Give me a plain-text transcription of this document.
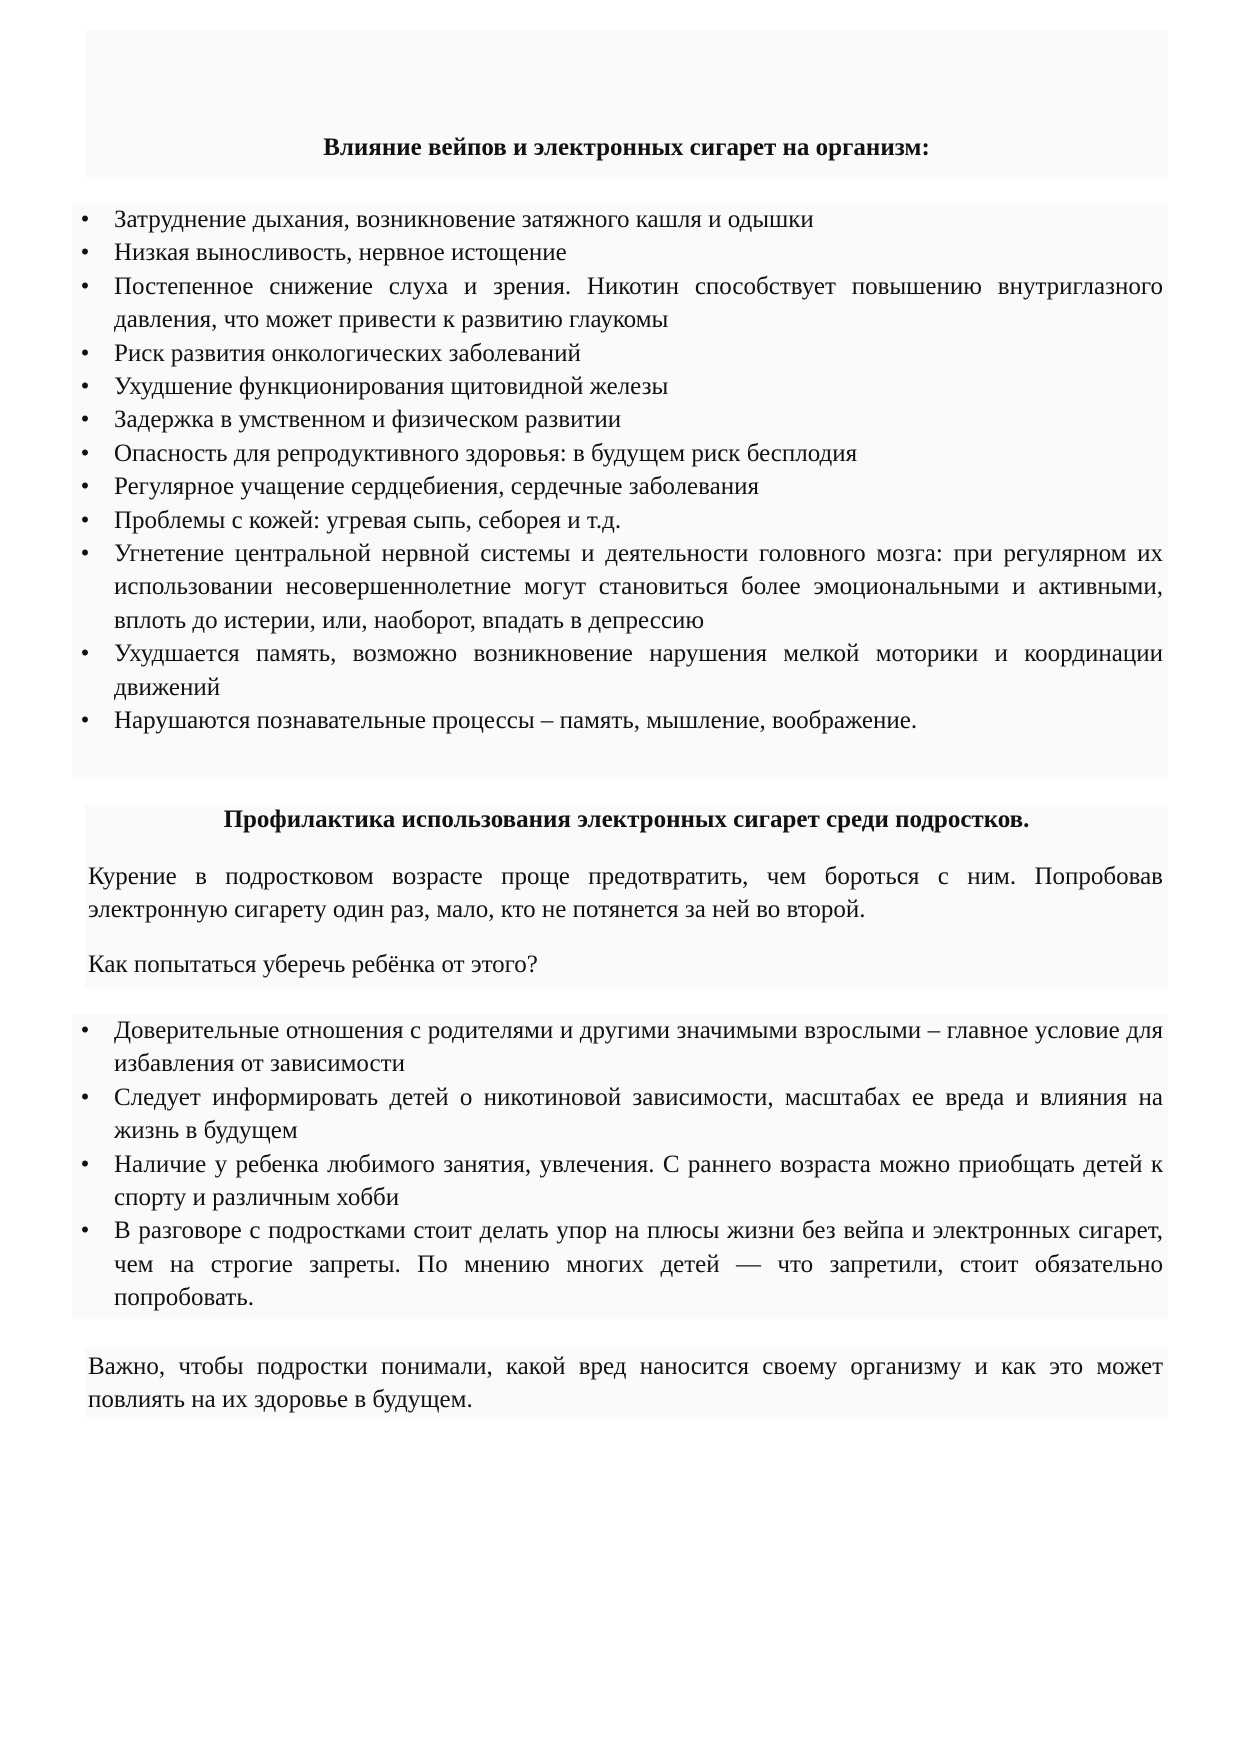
Влияние вейпов и электронных сигарет на организм:
• Затруднение дыхания, возникновение затяжного кашля и одышки
• Низкая выносливость, нервное истощение
• Постепенное снижение слуха и зрения. Никотин способствует повышению внутриглазного давления, что может привести к развитию глаукомы
• Риск развития онкологических заболеваний
• Ухудшение функционирования щитовидной железы
• Задержка в умственном и физическом развитии
• Опасность для репродуктивного здоровья: в будущем риск бесплодия
• Регулярное учащение сердцебиения, сердечные заболевания
• Проблемы с кожей: угревая сыпь, себорея и т.д.
• Угнетение центральной нервной системы и деятельности головного мозга: при регулярном их использовании несовершеннолетние могут становиться более эмоциональными и активными, вплоть до истерии, или, наоборот, впадать в депрессию
• Ухудшается память, возможно возникновение нарушения мелкой моторики и координации движений
• Нарушаются познавательные процессы – память, мышление, воображение.
Профилактика использования электронных сигарет среди подростков.

Курение в подростковом возрасте проще предотвратить, чем бороться с ним. Попробовав электронную сигарету один раз, мало, кто не потянется за ней во второй.

Как попытаться уберечь ребёнка от этого?

• Доверительные отношения с родителями и другими значимыми взрослыми – главное условие для избавления от зависимости
• Следует информировать детей о никотиновой зависимости, масштабах ее вреда и влияния на жизнь в будущем
• Наличие у ребенка любимого занятия, увлечения. С раннего возраста можно приобщать детей к спорту и различным хобби
• В разговоре с подростками стоит делать упор на плюсы жизни без вейпа и электронных сигарет, чем на строгие запреты. По мнению многих детей — что запретили, стоит обязательно попробовать.

Важно, чтобы подростки понимали, какой вред наносится своему организму и как это может повлиять на их здоровье в будущем.
